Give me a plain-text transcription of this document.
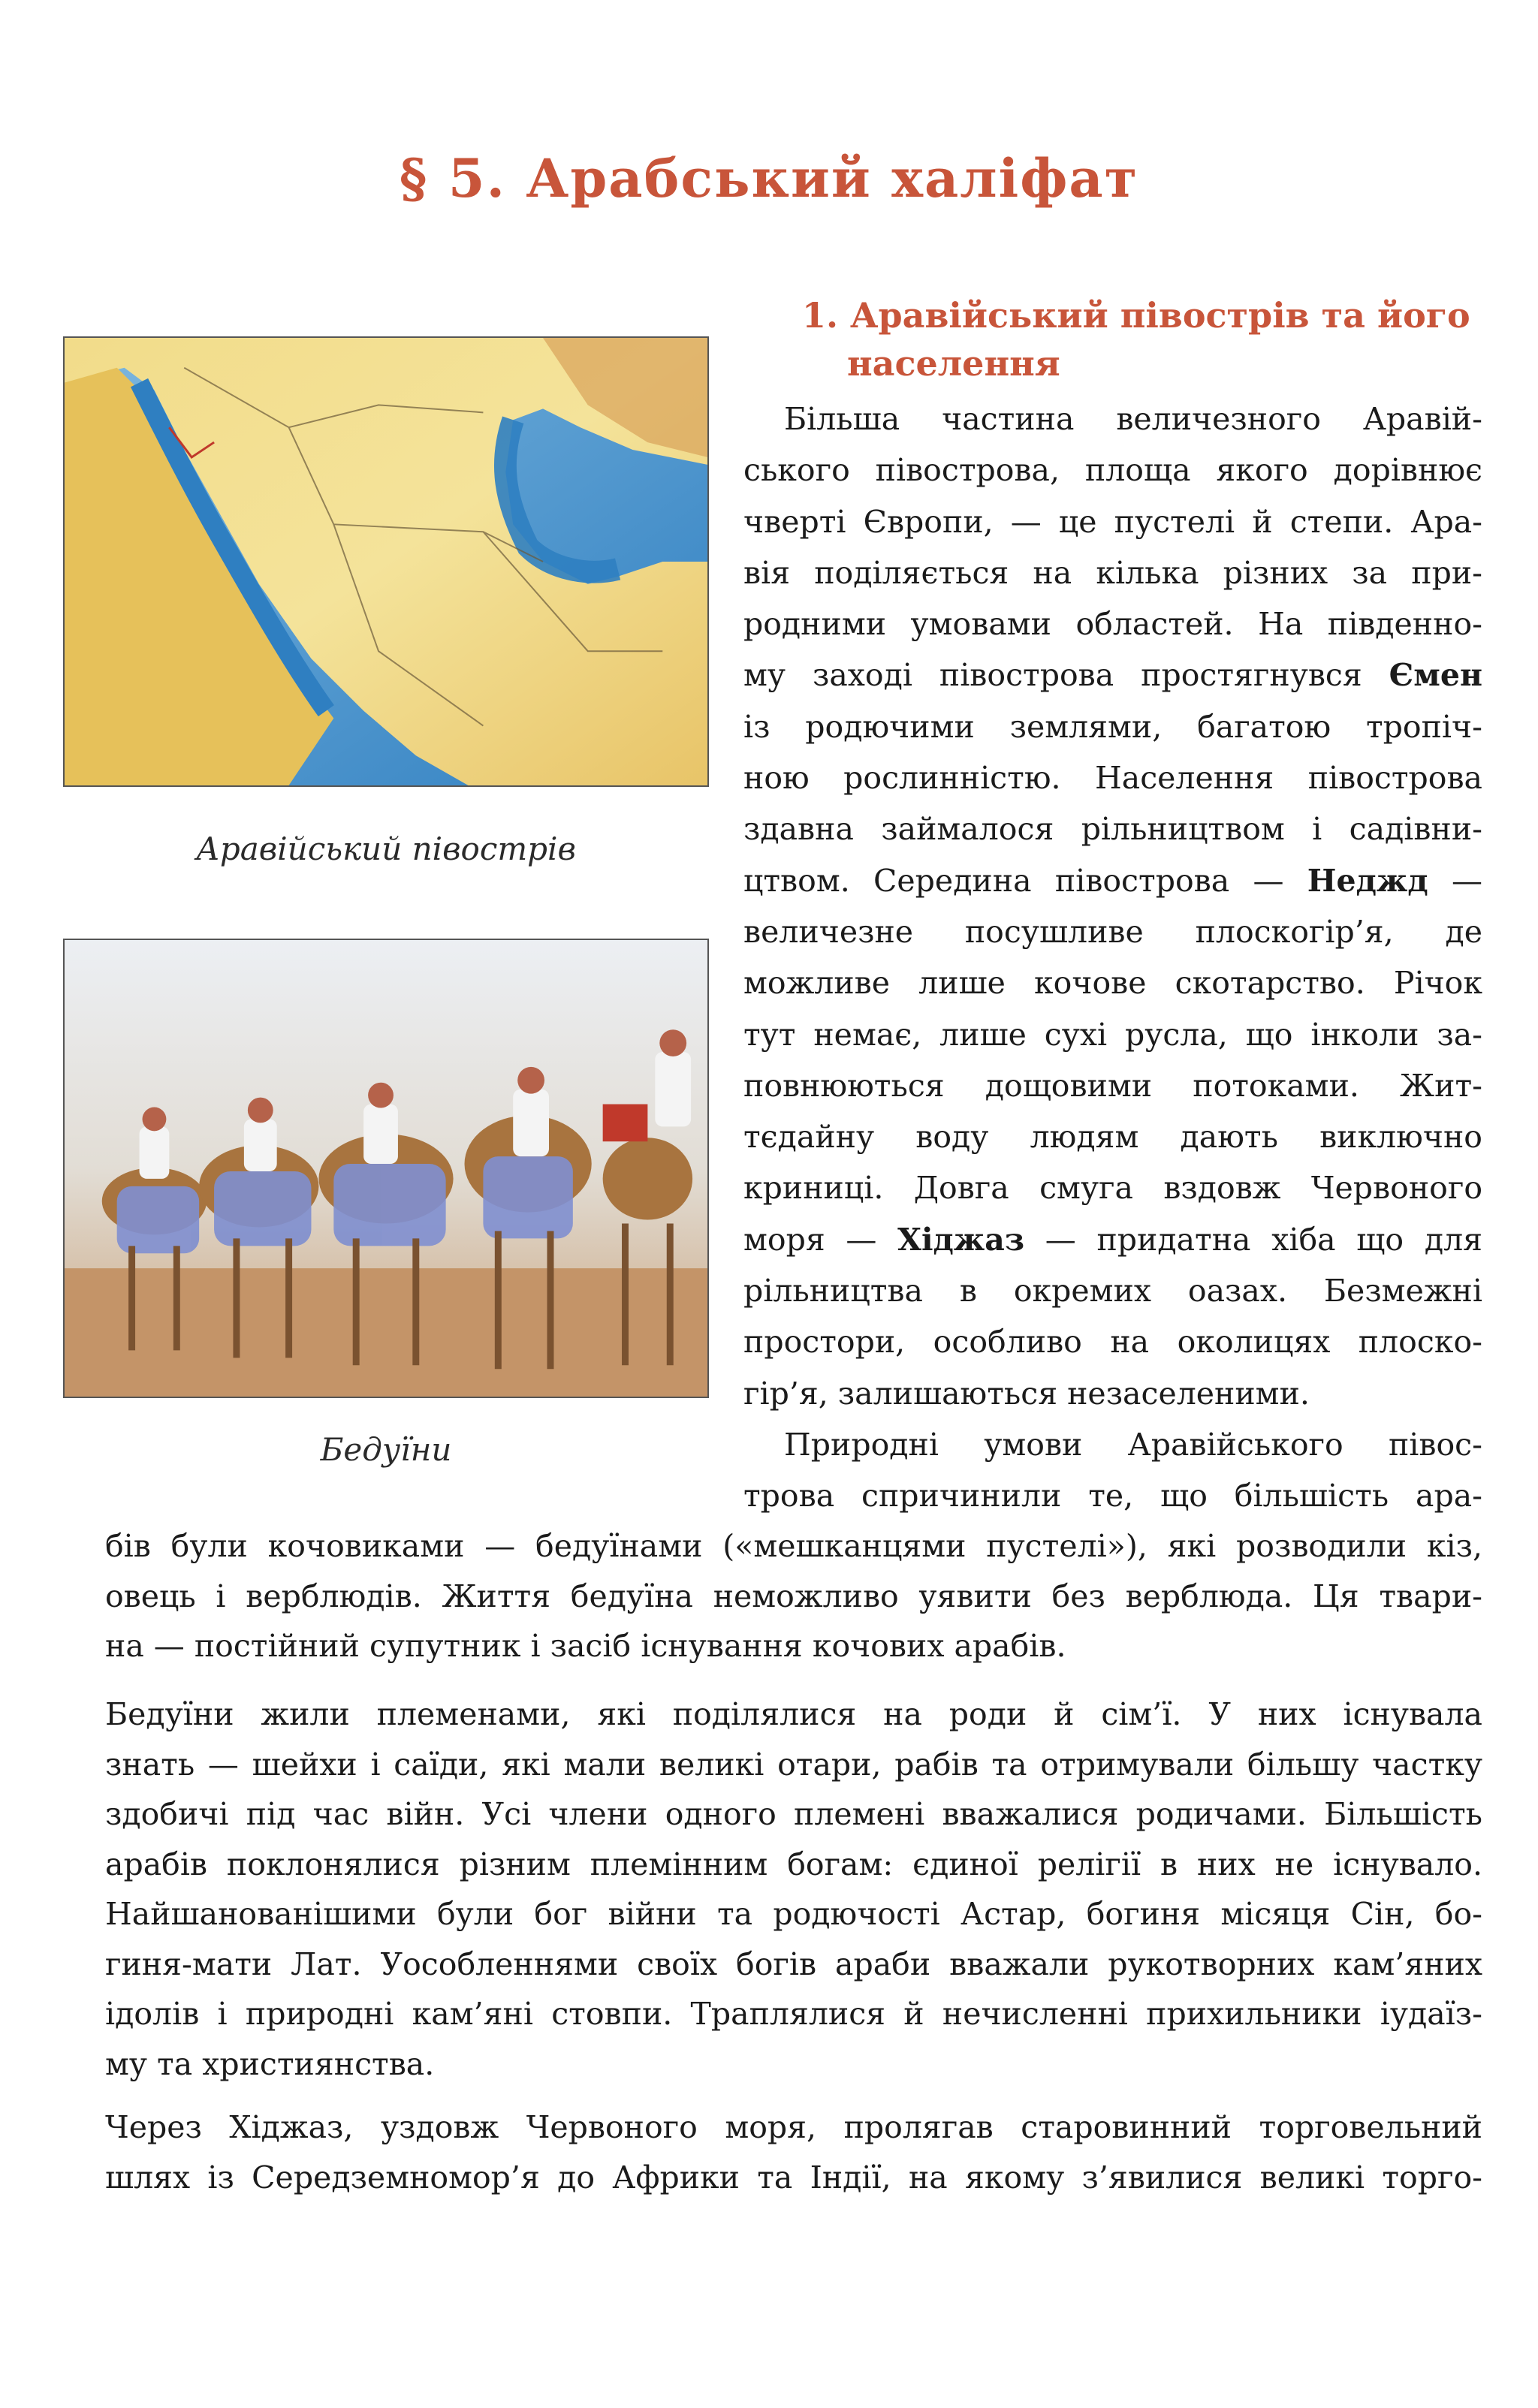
§ 5. Арабський халіфат

Аравійський півострів

Бедуїни

1. Аравійський півострів та його
населення
Більша частина величезного Аравій-
ського півострова, площа якого дорівнює
чверті Європи, — це пустелі й степи. Ара-
вія поділяється на кілька різних за при-
родними умовами областей. На південно-
му заході півострова простягнувся Ємен
із родючими землями, багатою тропіч-
ною рослинністю. Населення півострова
здавна займалося рільництвом і садівни-
цтвом. Середина півострова — Неджд —
величезне посушливе плоскогір’я, де
можливе лише кочове скотарство. Річок
тут немає, лише сухі русла, що інколи за-
повнюються дощовими потоками. Жит-
тєдайну воду людям дають виключно
криниці. Довга смуга вздовж Червоного
моря — Хіджаз — придатна хіба що для
рільництва в окремих оазах. Безмежні
простори, особливо на околицях плоско-
гір’я, залишаються незаселеними.
Природні умови Аравійського півос-
трова спричинили те, що більшість ара-
бів були кочовиками — бедуїнами («мешканцями пустелі»), які розводили кіз,
овець і верблюдів. Життя бедуїна неможливо уявити без верблюда. Ця твари-
на — постійний супутник і засіб існування кочових арабів.
Бедуїни жили племенами, які поділялися на роди й сім’ї. У них існувала
знать — шейхи і саїди, які мали великі отари, рабів та отримували більшу частку
здобичі під час війн. Усі члени одного племені вважалися родичами. Більшість
арабів поклонялися різним племінним богам: єдиної релігії в них не існувало.
Найшанованішими були бог війни та родючості Астар, богиня місяця Сін, бо-
гиня-мати Лат. Уособленнями своїх богів араби вважали рукотворних кам’яних
ідолів і природні кам’яні стовпи. Траплялися й нечисленні прихильники іудаїз-
му та християнства.
Через Хіджаз, уздовж Червоного моря, пролягав старовинний торговельний
шлях із Середземномор’я до Африки та Індії, на якому з’явилися великі торго-
